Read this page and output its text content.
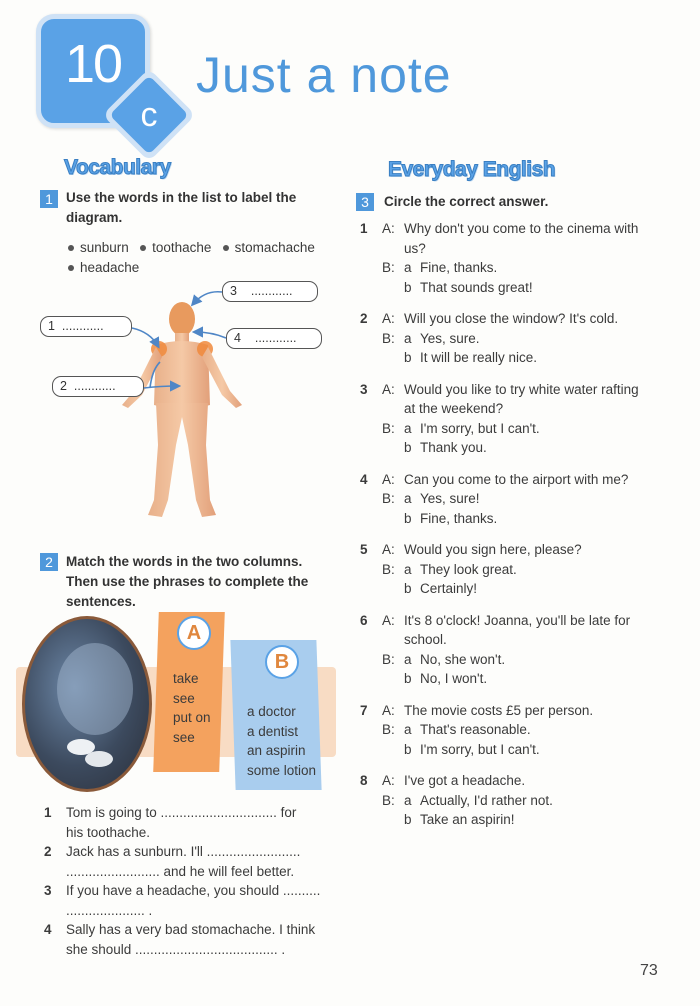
10
c
Just a note
Vocabulary
1 Use the words in the list to label the
diagram.
sunburn toothache stomachache
headache
1 ............
2 ............
3 ............
4 ............
2 Match the words in the two columns.
Then use the phrases to complete the
sentences.
A
B
take
see
put on
see
a doctor
a dentist
an aspirin
some lotion
1	Tom is going to ............................... for
his toothache.
2	Jack has a sunburn. I'll .........................
......................... and he will feel better.
3	If you have a headache, you should ..........
..................... .
4	Sally has a very bad stomachache. I think
she should ...................................... .
Everyday English
3	Circle the correct answer.
1	A: Why don't you come to the cinema with
us?
B: a Fine, thanks.
b That sounds great!
2	A: Will you close the window? It's cold.
B: a Yes, sure.
b It will be really nice.
3	A: Would you like to try white water rafting
at the weekend?
B: a I'm sorry, but I can't.
b Thank you.
4	A: Can you come to the airport with me?
B: a Yes, sure!
b Fine, thanks.
5	A: Would you sign here, please?
B: a They look great.
b Certainly!
6	A: It's 8 o'clock! Joanna, you'll be late for
school.
B: a No, she won't.
b No, I won't.
7	A: The movie costs £5 per person.
B: a That's reasonable.
b I'm sorry, but I can't.
8	A: I've got a headache.
B: a Actually, I'd rather not.
b Take an aspirin!
73
